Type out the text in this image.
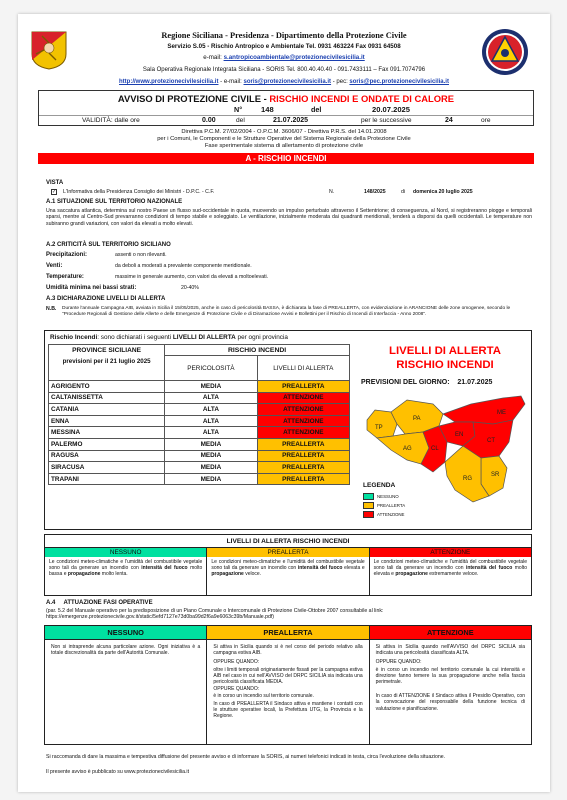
Regione Siciliana - Presidenza - Dipartimento della Protezione Civile
Servizio S.05 - Rischio Antropico e Ambientale Tel. 0931 463224 Fax 0931 64508
e-mail: s.antropicoambientale@protezionecivilesicilia.it
Sala Operativa Regionale Integrata Siciliana - SORIS Tel. 800.40.40.40 - 091.7433111 – Fax 091.7074796
http://www.protezionecivilesicilia.it - e-mail: soris@protezionecivilesicilia.it - pec: soris@pec.protezionecivilesicilia.it
AVVISO DI PROTEZIONE CIVILE - RISCHIO INCENDI E ONDATE DI CALORE
N° 148	del	20.07.2025
VALIDITÀ: dalle ore	0.00	del	21.07.2025	per le successive	24	ore
Direttiva P.C.M. 27/02/2004 - O.P.C.M. 3606/07 - Direttiva P.R.S. del 14.01.2008
per i Comuni, le Componenti e le Strutture Operative del Sistema Regionale della Protezione Civile
Fase sperimentale sistema di allertamento di protezione civile
A - RISCHIO INCENDI
VISTA
✓ L'Informativa della Presidenza Consiglio dei Ministri - D.P.C. - C.F.	N.	148/2025	di domenica 20 luglio 2025
A.1 SITUAZIONE SUL TERRITORIO NAZIONALE
Una saccatura atlantica, determina sul nostro Paese un flusso sud-occidentale in quota, muovendo un impulso perturbato attraverso il Settentrione; di conseguenza, al Nord, si registreranno piogge e temporali sparsi, mentre al Centro-Sud prevarranno condizioni di tempo stabile e soleggiato. Le ventilazione, inizialmente moderata dai quadranti meridionali, tenderà a disporsi da quelli occidentali. Le temperature non subiranno grandi variazioni, con valori da elevati a molto elevati.
A.2 CRITICITÀ SUL TERRITORIO SICILIANO
Precipitazioni:	assenti o non rilevanti.
Venti:	da deboli a moderati a prevalente componente meridionale.
Temperature:	massime in generale aumento, con valori da elevati a moltoelevati.
Umidità minima nei bassi strati:	20-40%
A.3 DICHIARAZIONE LIVELLI DI ALLERTA
N.B. Durante l'annuale Campagna AIB, avviata in Sicilia il 15/05/2025, anche in caso di pericolosità BASSA, è dichiarata la fase di PREALLERTA, con evidenziazione in ARANCIONE delle zone omogenee, secondo le "Procedure Regionali di Gestione delle Allerte e delle Emergenze di Protezione Civile e di Diramazione Avvisi e Bollettini per il Rischio di Incendi di Interfaccia - Anno 2008".
Rischio Incendi: sono dichiarati i seguenti LIVELLI DI ALLERTA per ogni provincia
PROVINCE SICILIANE
previsioni per il 21 luglio 2025	RISCHIO INCENDI	
	PERICOLOSITÀ	LIVELLI DI ALLERTA
AGRIGENTO	MEDIA	PREALLERTA
CALTANISSETTA	ALTA	ATTENZIONE
CATANIA	ALTA	ATTENZIONE
ENNA	ALTA	ATTENZIONE
MESSINA	ALTA	ATTENZIONE
PALERMO	MEDIA	PREALLERTA
RAGUSA	MEDIA	PREALLERTA
SIRACUSA	MEDIA	PREALLERTA
TRAPANI	MEDIA	PREALLERTA
LIVELLI DI ALLERTA
RISCHIO INCENDI
PREVISIONI DEL GIORNO: 21.07.2025
TP
PA
ME
AG	CL
EN
CT
SR
RG
LEGENDA
NESSUNO
PREALLERTA
ATTENZIONE
LIVELLI DI ALLERTA RISCHIO INCENDI
NESSUNO
Le condizioni meteo-climatiche e l'umidità del combustibile vegetale sono tali da generare un incendio con intensità del fuoco molto bassa e propagazione molto lenta.
PREALLERTA
Le condizioni meteo-climatiche e l'umidità del combustibile vegetale sono tali da generare un incendio con intensità del fuoco elevata e propagazione veloce.
ATTENZIONE
Le condizioni meteo-climatiche e l'umidità del combustibile vegetale sono tali da generare un incendio con intensità del fuoco molto elevata e propagazione estremamente veloce.
A.4     ATTUAZIONE FASI OPERATIVE
(par. 5.2 del Manuale operativo per la predisposizione di un Piano Comunale o Intercomunale di Protezione Civile-Ottobre 2007 consultabile al link:
https://emergenze.protezionecivile.gov.it/static/5efd7127e73d0ba99d2f6a9e6063c39b/Manuale.pdf)
NESSUNO
Non si intraprende alcuna particolare azione. Ogni iniziativa è a totale discrezionalità da parte dell'Autorità Comunale.
PREALLERTA
Si attiva in Sicilia quando si è nel corso del periodo relativo alla campagna estiva AIB.
OPPURE QUANDO:
oltre i limiti temporali originariamente fissati per la campagna estiva AIB nel caso in cui nell'AVVISO del DRPC SICILIA sia indicata una pericolosità classificata MEDIA.
OPPURE QUANDO:
è in corso un incendio sul territorio comunale.
In caso di PREALLERTA il Sindaco attiva e mantiene i contatti con le strutture operative locali, la Prefettura UTG, la Provincia e la Regione.
ATTENZIONE
Si attiva in Sicilia quando nell'AVVISO del DRPC SICILIA sia indicata una pericolosità classificata ALTA.
OPPURE QUANDO:
è in corso un incendio nel territorio comunale la cui intensità e direzione fanno temere la sua propagazione anche nella fascia perimetrale.
In caso di ATTENZIONE il Sindaco attiva il Presidio Operativo, con la convocazione del responsabile della funzione tecnica di valutazione e pianificazione.
Si raccomanda di dare la massima e tempestiva diffusione del presente avviso e di informare la SORIS, ai numeri telefonici indicati in testa, circa l'evoluzione della situazione.
Il presente avviso è pubblicato su www.protezionecivilesicilia.it
